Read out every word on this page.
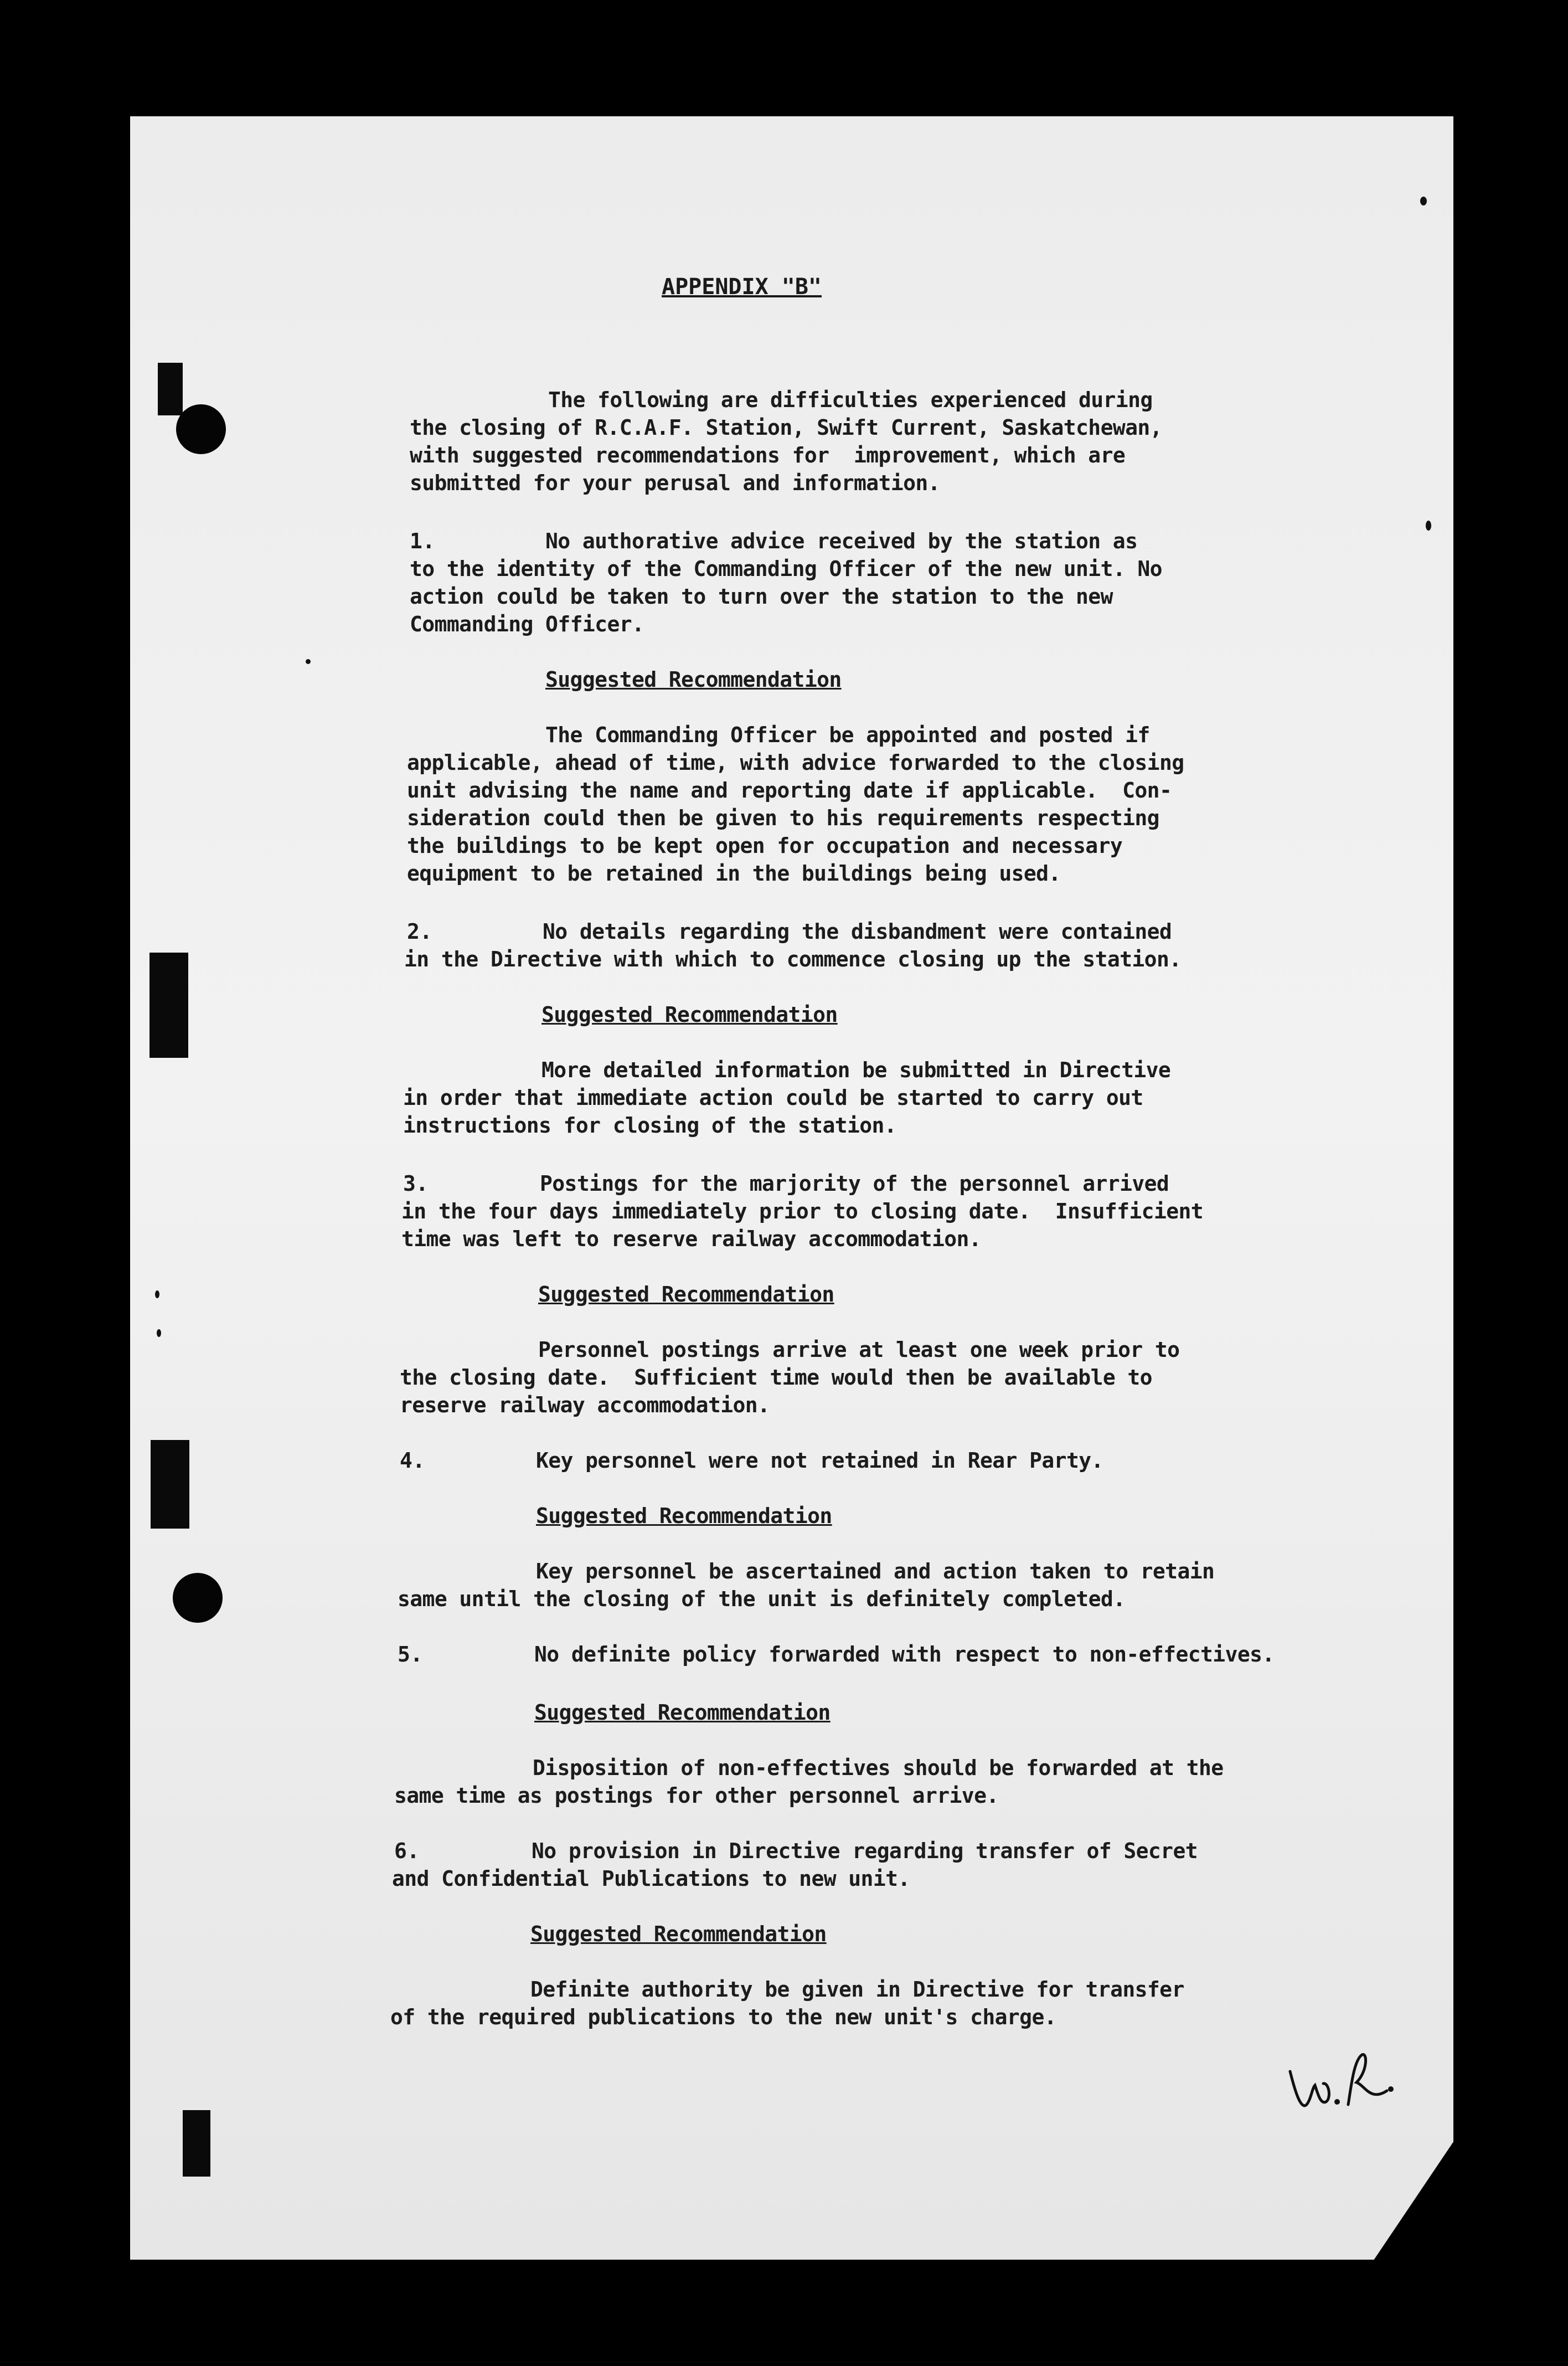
APPENDIX "B"
The following are difficulties experienced during
the closing of R.C.A.F. Station, Swift Current, Saskatchewan,
with suggested recommendations for  improvement, which are
submitted for your perusal and information.
1.	No authorative advice received by the station as
to the identity of the Commanding Officer of the new unit. No
action could be taken to turn over the station to the new
Commanding Officer.
Suggested Recommendation
The Commanding Officer be appointed and posted if
applicable, ahead of time, with advice forwarded to the closing
unit advising the name and reporting date if applicable.  Con-
sideration could then be given to his requirements respecting
the buildings to be kept open for occupation and necessary
equipment to be retained in the buildings being used.
2.	No details regarding the disbandment were contained
in the Directive with which to commence closing up the station.
Suggested Recommendation
More detailed information be submitted in Directive
in order that immediate action could be started to carry out
instructions for closing of the station.
3.	Postings for the marjority of the personnel arrived
in the four days immediately prior to closing date.  Insufficient
time was left to reserve railway accommodation.
Suggested Recommendation
Personnel postings arrive at least one week prior to
the closing date.  Sufficient time would then be available to
reserve railway accommodation.
4.	Key personnel were not retained in Rear Party.
Suggested Recommendation
Key personnel be ascertained and action taken to retain
same until the closing of the unit is definitely completed.
5.	No definite policy forwarded with respect to non-effectives.
Suggested Recommendation
Disposition of non-effectives should be forwarded at the
same time as postings for other personnel arrive.
6.	No provision in Directive regarding transfer of Secret
and Confidential Publications to new unit.
Suggested Recommendation
Definite authority be given in Directive for transfer
of the required publications to the new unit's charge.
